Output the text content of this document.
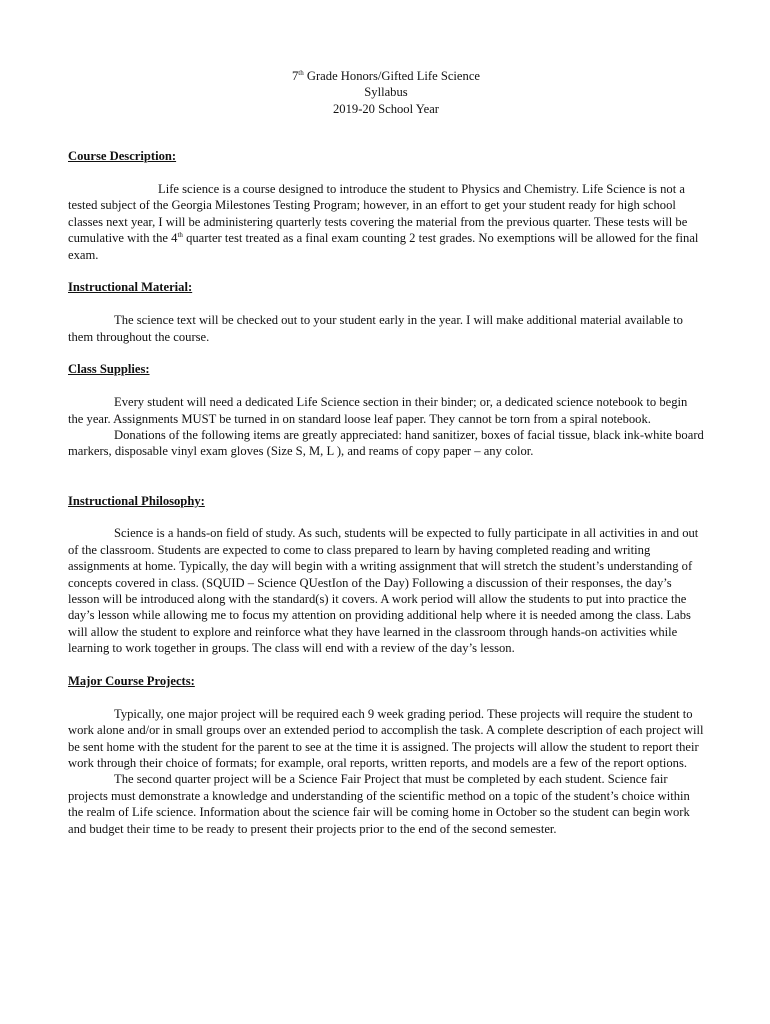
7th Grade Honors/Gifted Life Science
Syllabus
2019-20 School Year

Course Description:

Life science is a course designed to introduce the student to Physics and Chemistry. Life Science is not a tested subject of the Georgia Milestones Testing Program; however, in an effort to get your student ready for high school classes next year, I will be administering quarterly tests covering the material from the previous quarter. These tests will be cumulative with the 4th quarter test treated as a final exam counting 2 test grades. No exemptions will be allowed for the final exam.

Instructional Material:

The science text will be checked out to your student early in the year. I will make additional material available to them throughout the course.

Class Supplies:

Every student will need a dedicated Life Science section in their binder; or, a dedicated science notebook to begin the year. Assignments MUST be turned in on standard loose leaf paper. They cannot be torn from a spiral notebook.

Donations of the following items are greatly appreciated: hand sanitizer, boxes of facial tissue, black ink-white board markers, disposable vinyl exam gloves (Size S, M, L ), and reams of copy paper – any color.

Instructional Philosophy:

Science is a hands-on field of study. As such, students will be expected to fully participate in all activities in and out of the classroom. Students are expected to come to class prepared to learn by having completed reading and writing assignments at home. Typically, the day will begin with a writing assignment that will stretch the student’s understanding of concepts covered in class. (SQUID – Science QUestIon of the Day) Following a discussion of their responses, the day’s lesson will be introduced along with the standard(s) it covers. A work period will allow the students to put into practice the day’s lesson while allowing me to focus my attention on providing additional help where it is needed among the class. Labs will allow the student to explore and reinforce what they have learned in the classroom through hands-on activities while learning to work together in groups. The class will end with a review of the day’s lesson.

Major Course Projects:

Typically, one major project will be required each 9 week grading period. These projects will require the student to work alone and/or in small groups over an extended period to accomplish the task. A complete description of each project will be sent home with the student for the parent to see at the time it is assigned. The projects will allow the student to report their work through their choice of formats; for example, oral reports, written reports, and models are a few of the report options.

The second quarter project will be a Science Fair Project that must be completed by each student. Science fair projects must demonstrate a knowledge and understanding of the scientific method on a topic of the student’s choice within the realm of Life science. Information about the science fair will be coming home in October so the student can begin work and budget their time to be ready to present their projects prior to the end of the second semester.
